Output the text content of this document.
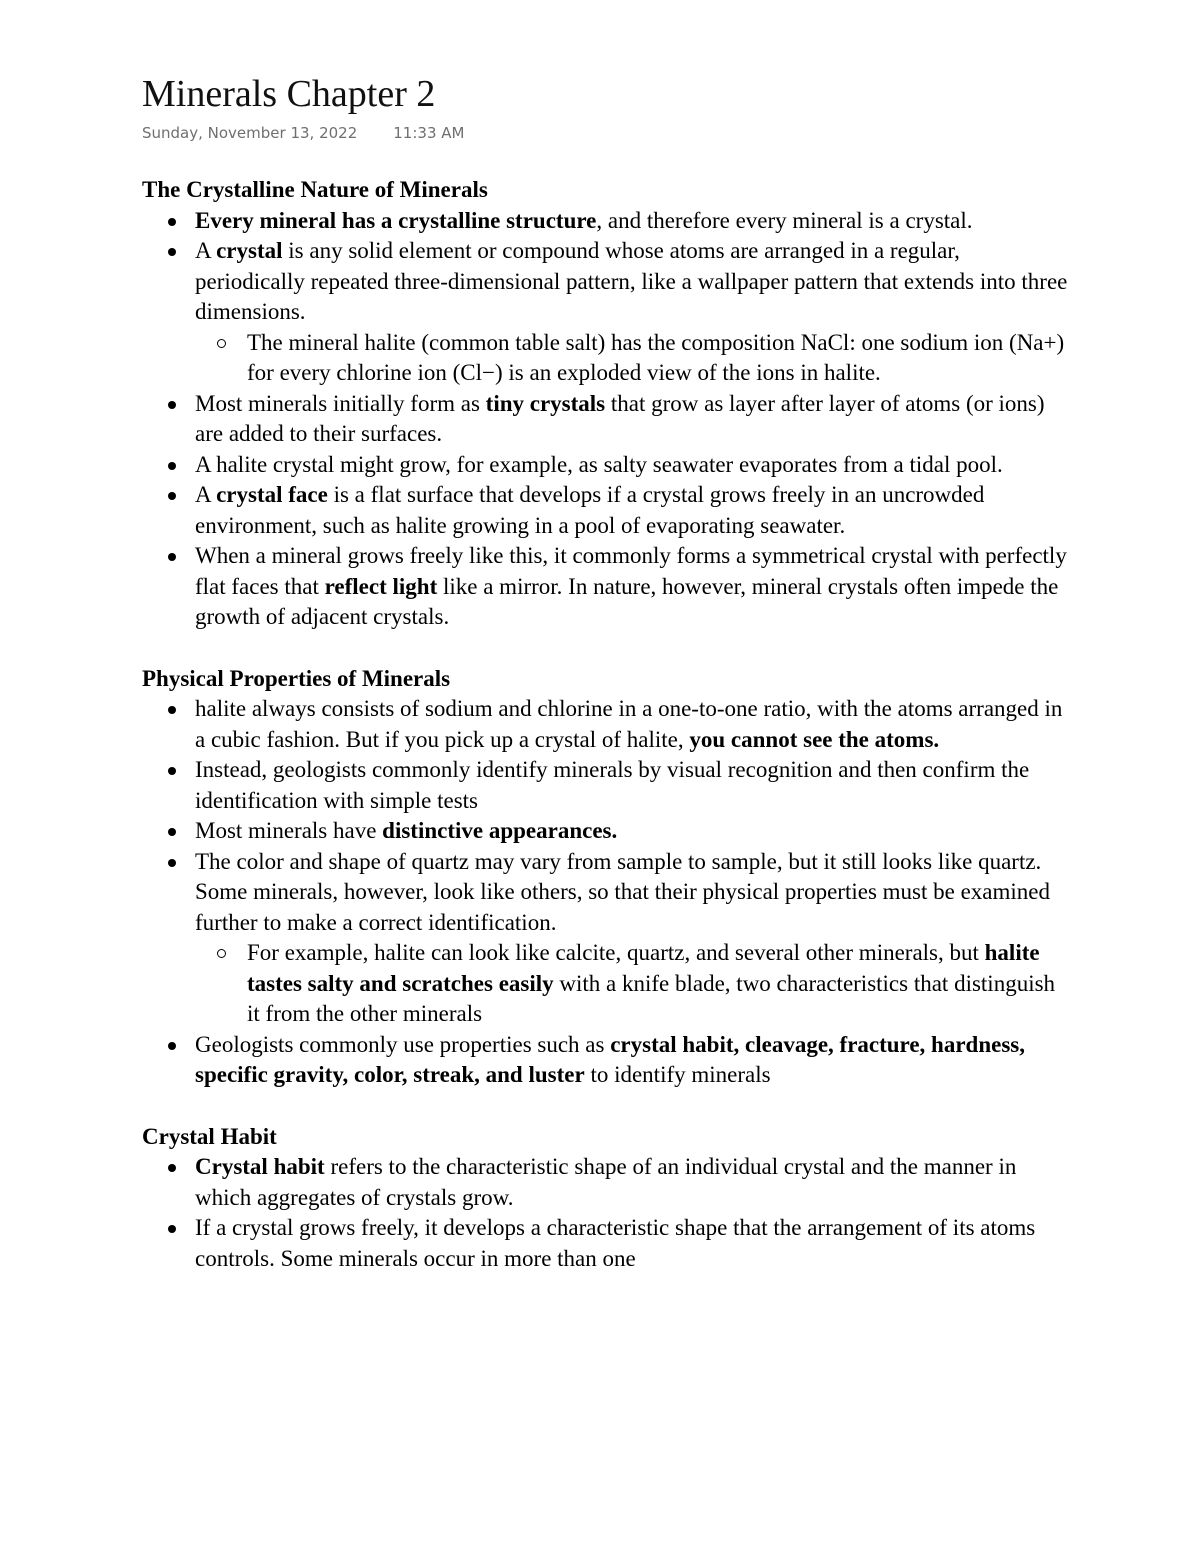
Minerals Chapter 2
Sunday, November 13, 2022 11:33 AM
The Crystalline Nature of Minerals
Every mineral has a crystalline structure, and therefore every mineral is a crystal.
A crystal is any solid element or compound whose atoms are arranged in a regular, periodically repeated three-dimensional pattern, like a wallpaper pattern that extends into three dimensions.
The mineral halite (common table salt) has the composition NaCl: one sodium ion (Na+) for every chlorine ion (Cl−) is an exploded view of the ions in halite.
Most minerals initially form as tiny crystals that grow as layer after layer of atoms (or ions) are added to their surfaces.
A halite crystal might grow, for example, as salty seawater evaporates from a tidal pool.
A crystal face is a flat surface that develops if a crystal grows freely in an uncrowded environment, such as halite growing in a pool of evaporating seawater.
When a mineral grows freely like this, it commonly forms a symmetrical crystal with perfectly flat faces that reflect light like a mirror. In nature, however, mineral crystals often impede the growth of adjacent crystals.
Physical Properties of Minerals
halite always consists of sodium and chlorine in a one-to-one ratio, with the atoms arranged in a cubic fashion. But if you pick up a crystal of halite, you cannot see the atoms.
Instead, geologists commonly identify minerals by visual recognition and then confirm the identification with simple tests
Most minerals have distinctive appearances.
The color and shape of quartz may vary from sample to sample, but it still looks like quartz. Some minerals, however, look like others, so that their physical properties must be examined further to make a correct identification.
For example, halite can look like calcite, quartz, and several other minerals, but halite tastes salty and scratches easily with a knife blade, two characteristics that distinguish it from the other minerals
Geologists commonly use properties such as crystal habit, cleavage, fracture, hardness, specific gravity, color, streak, and luster to identify minerals
Crystal Habit
Crystal habit refers to the characteristic shape of an individual crystal and the manner in which aggregates of crystals grow.
If a crystal grows freely, it develops a characteristic shape that the arrangement of its atoms controls. Some minerals occur in more than one
